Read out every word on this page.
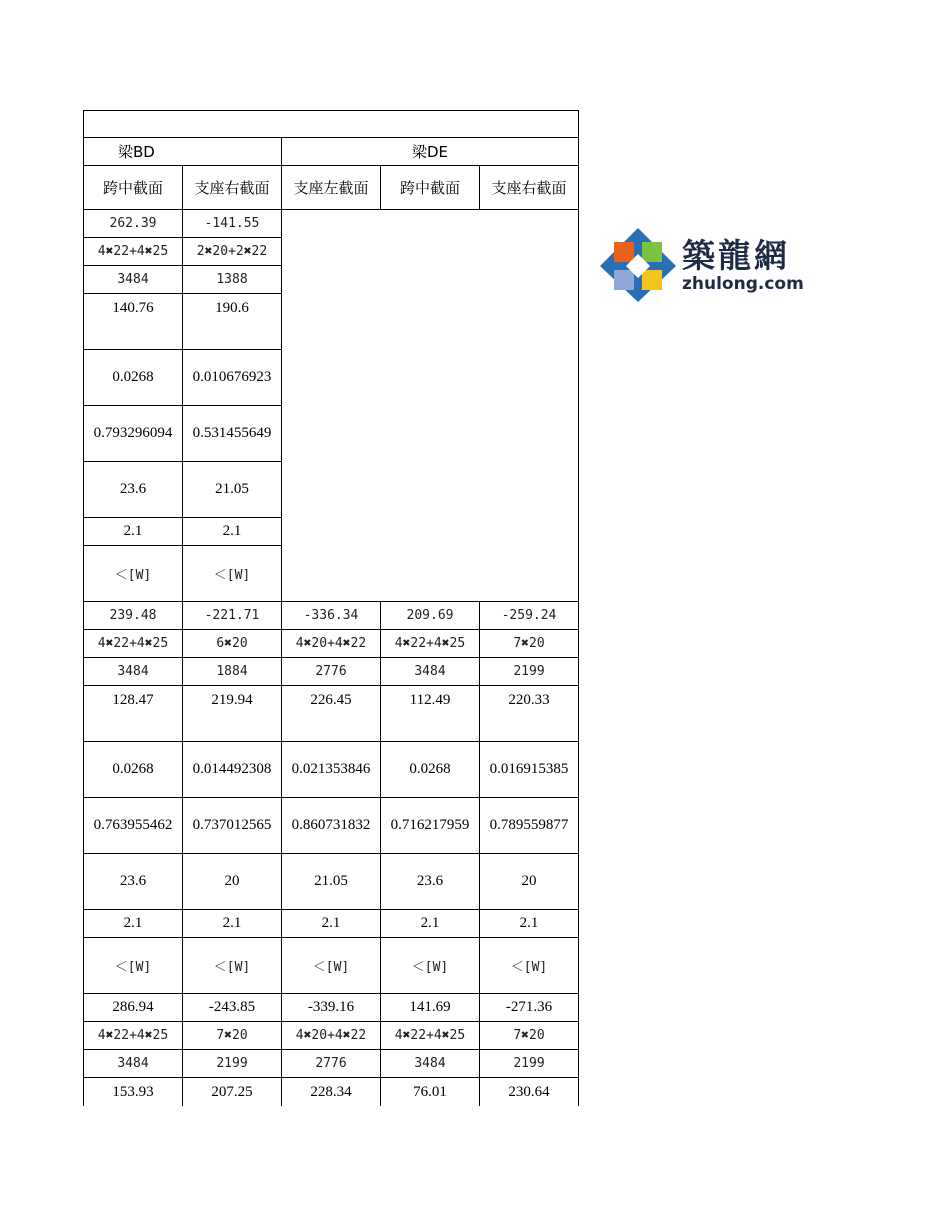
梁BD		梁DE		
跨中截面	支座右截面	支座左截面	跨中截面	支座右截面
262.39	-141.55			
4✖22+4✖25	2✖20+2✖22			
3484	1388			
140.76	190.6			
0.0268	0.010676923			
0.793296094	0.531455649			
23.6	21.05			
2.1	2.1			
＜[W]	＜[W]			
239.48	-221.71	-336.34	209.69	-259.24
4✖22+4✖25	6✖20	4✖20+4✖22	4✖22+4✖25	7✖20
3484	1884	2776	3484	2199
128.47	219.94	226.45	112.49	220.33
0.0268	0.014492308	0.021353846	0.0268	0.016915385
0.763955462	0.737012565	0.860731832	0.716217959	0.789559877
23.6	20	21.05	23.6	20
2.1	2.1	2.1	2.1	2.1
＜[W]	＜[W]	＜[W]	＜[W]	＜[W]
286.94	-243.85	-339.16	141.69	-271.36
4✖22+4✖25	7✖20	4✖20+4✖22	4✖22+4✖25	7✖20
3484	2199	2776	3484	2199
153.93	207.25	228.34	76.01	230.64
築龍網
zhulong.com
